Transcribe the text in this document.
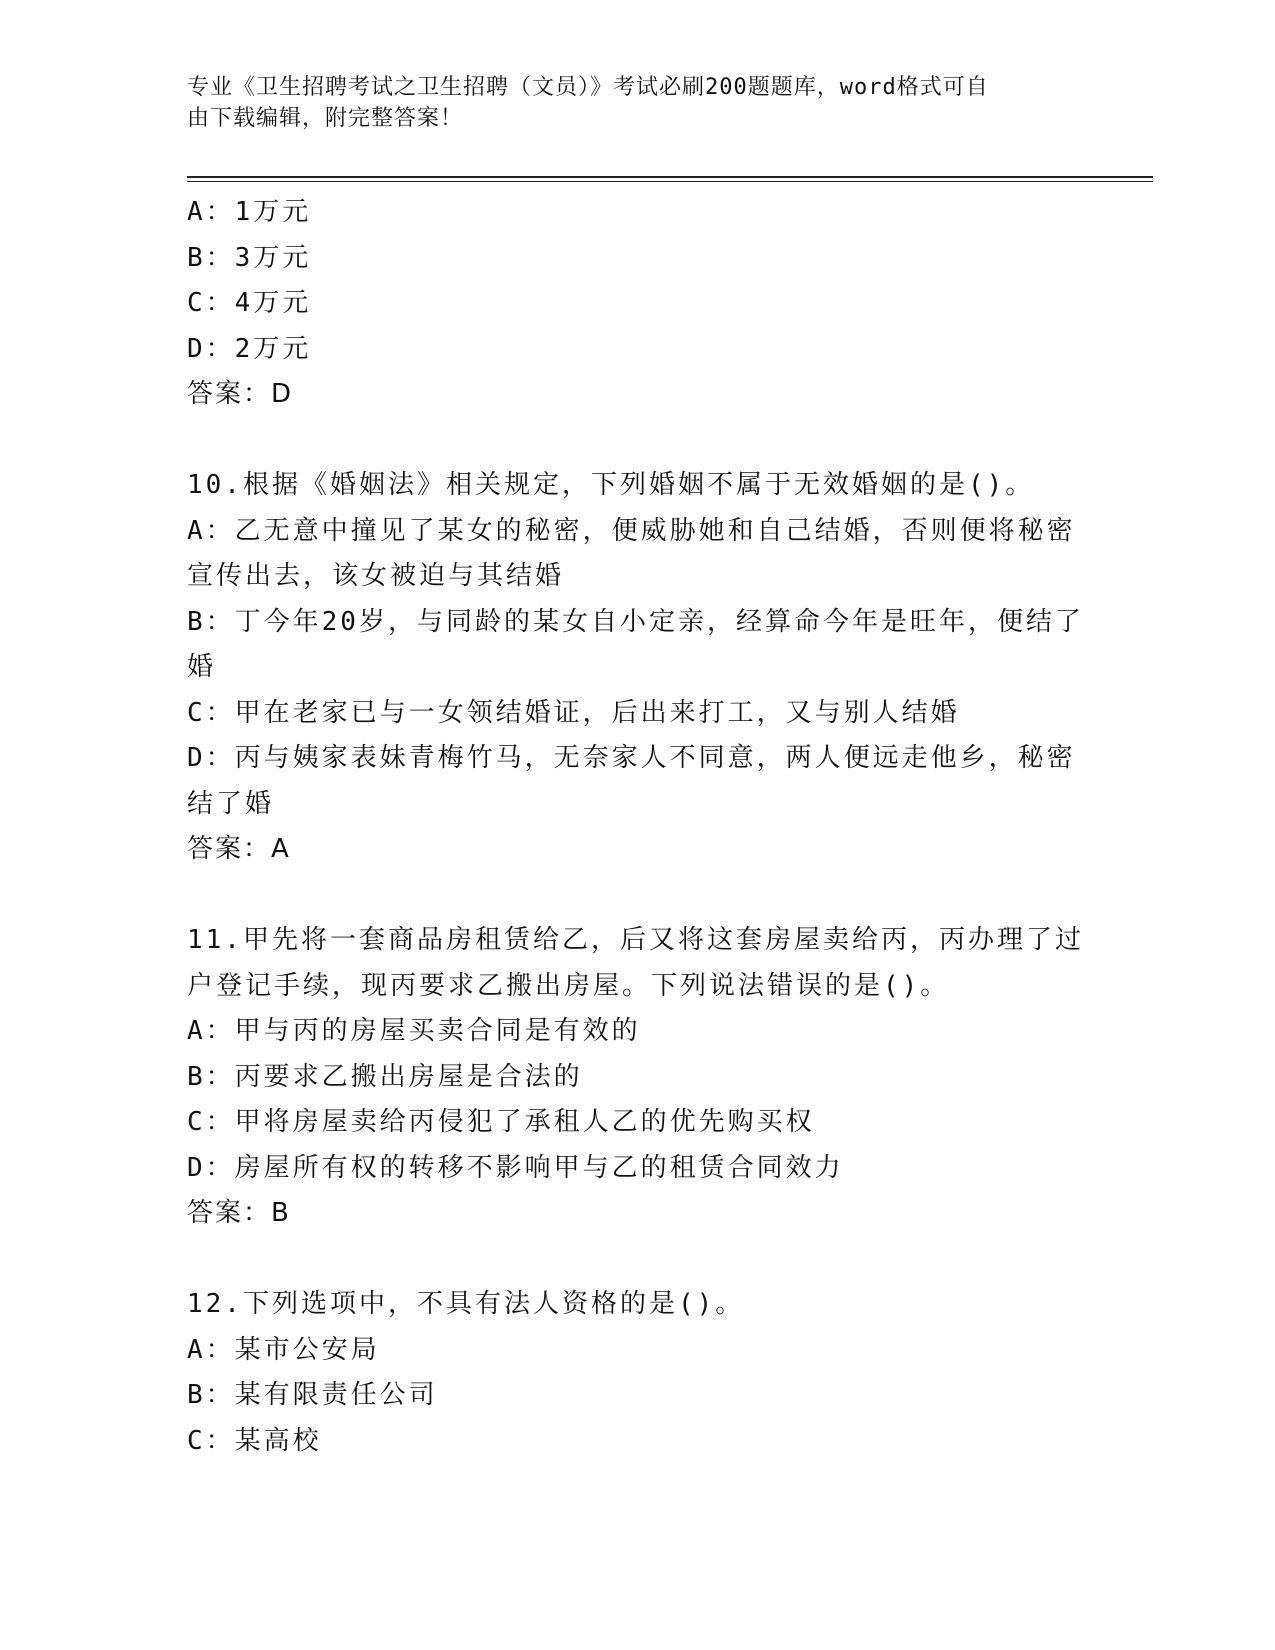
专业《卫生招聘考试之卫生招聘（文员）》考试必刷200题题库，word格式可自
由下载编辑，附完整答案！
A：1万元
B：3万元
C：4万元
D：2万元
答案：D
10.根据《婚姻法》相关规定，下列婚姻不属于无效婚姻的是()。
A：乙无意中撞见了某女的秘密，便威胁她和自己结婚，否则便将秘密宣传出去，该女被迫与其结婚
B：丁今年20岁，与同龄的某女自小定亲，经算命今年是旺年，便结了婚
C：甲在老家已与一女领结婚证，后出来打工，又与别人结婚
D：丙与姨家表妹青梅竹马，无奈家人不同意，两人便远走他乡，秘密结了婚
答案：A
11.甲先将一套商品房租赁给乙，后又将这套房屋卖给丙，丙办理了过户登记手续，现丙要求乙搬出房屋。下列说法错误的是()。
A：甲与丙的房屋买卖合同是有效的
B：丙要求乙搬出房屋是合法的
C：甲将房屋卖给丙侵犯了承租人乙的优先购买权
D：房屋所有权的转移不影响甲与乙的租赁合同效力
答案：B
12.下列选项中，不具有法人资格的是()。
A：某市公安局
B：某有限责任公司
C：某高校
